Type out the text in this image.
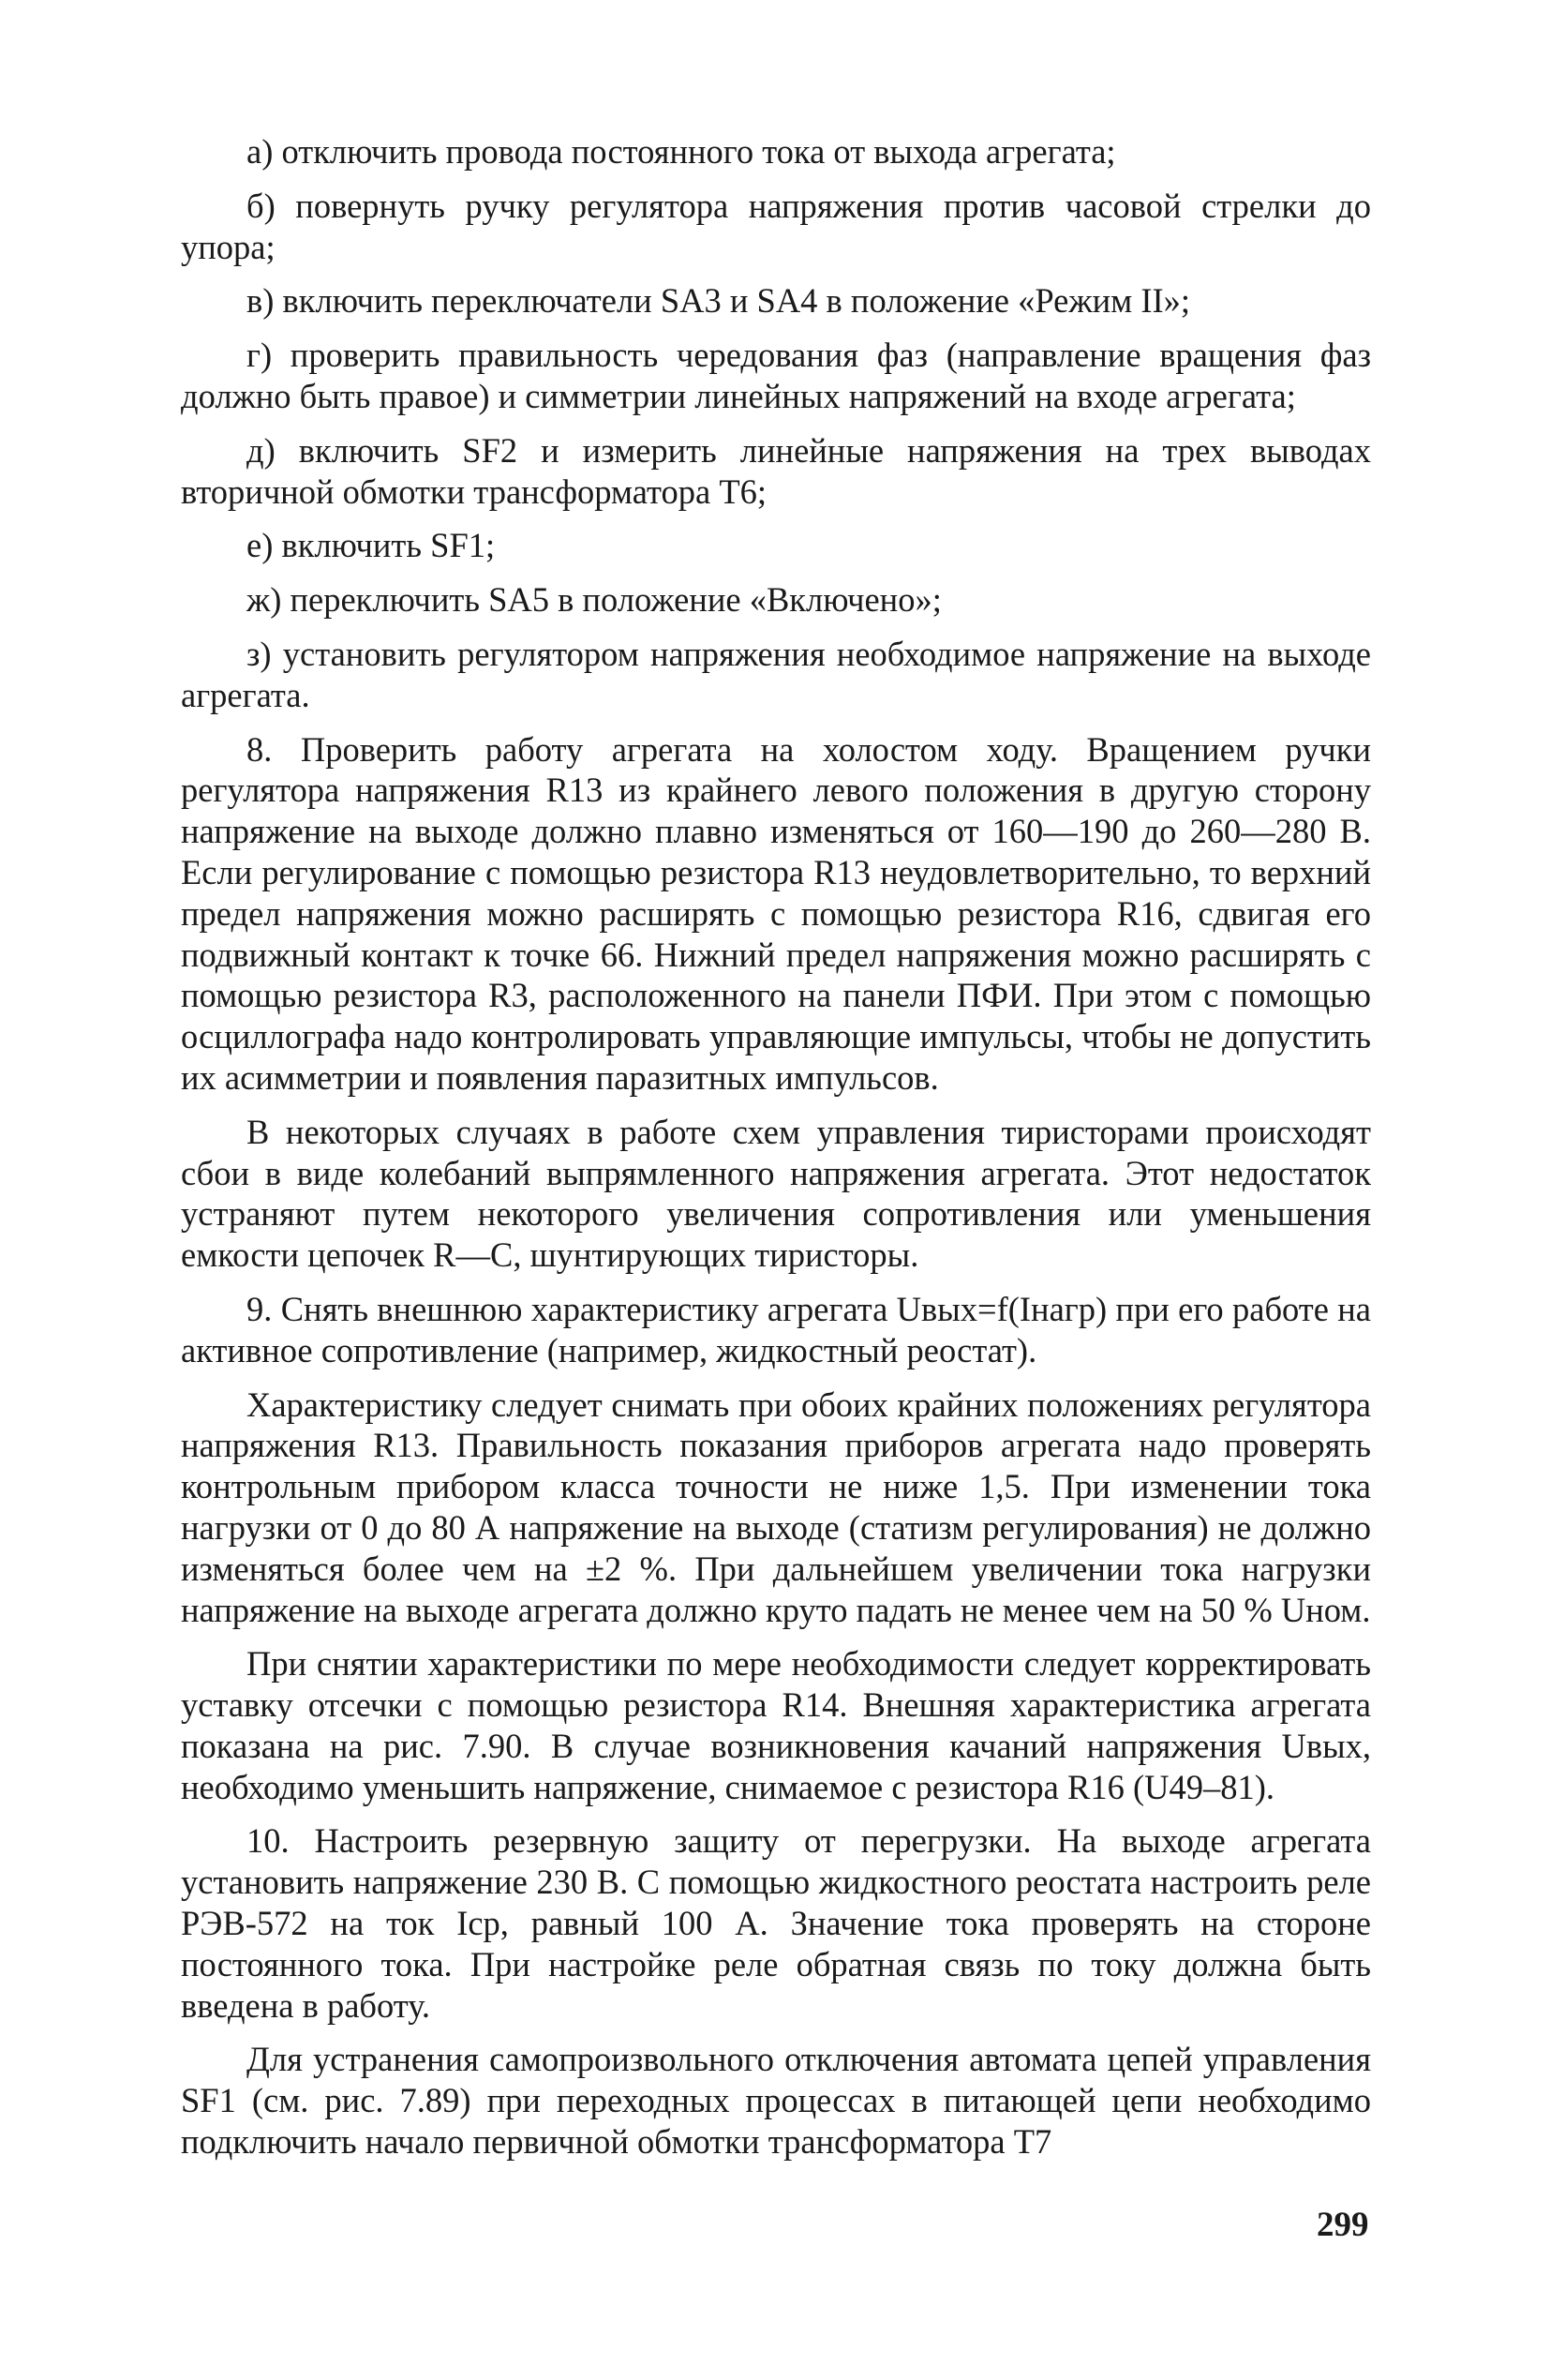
а) отключить провода постоянного тока от выхода агрегата;

б) повернуть ручку регулятора напряжения против часовой стрелки до упора;

в) включить переключатели SA3 и SA4 в положение «Режим II»;

г) проверить правильность чередования фаз (направление вращения фаз должно быть правое) и симметрии линейных напряжений на входе агрегата;

д) включить SF2 и измерить линейные напряжения на трех выводах вторичной обмотки трансформатора T6;

е) включить SF1;

ж) переключить SA5 в положение «Включено»;

з) установить регулятором напряжения необходимое напряжение на выходе агрегата.

8. Проверить работу агрегата на холостом ходу. Вращением ручки регулятора напряжения R13 из крайнего левого положения в другую сторону напряжение на выходе должно плавно изменяться от 160—190 до 260—280 В. Если регулирование с помощью резистора R13 неудовлетворительно, то верхний предел напряжения можно расширять с помощью резистора R16, сдвигая его подвижный контакт к точке 66. Нижний предел напряжения можно расширять с помощью резистора R3, расположенного на панели ПФИ. При этом с помощью осциллографа надо контролировать управляющие импульсы, чтобы не допустить их асимметрии и появления паразитных импульсов.

В некоторых случаях в работе схем управления тиристорами происходят сбои в виде колебаний выпрямленного напряжения агрегата. Этот недостаток устраняют путем некоторого увеличения сопротивления или уменьшения емкости цепочек R—C, шунтирующих тиристоры.

9. Снять внешнюю характеристику агрегата Uвых=f(Iнагр) при его работе на активное сопротивление (например, жидкостный реостат).

Характеристику следует снимать при обоих крайних положениях регулятора напряжения R13. Правильность показания приборов агрегата надо проверять контрольным прибором класса точности не ниже 1,5. При изменении тока нагрузки от 0 до 80 А напряжение на выходе (статизм регулирования) не должно изменяться более чем на ±2 %. При дальнейшем увеличении тока нагрузки напряжение на выходе агрегата должно круто падать не менее чем на 50 % Uном.

При снятии характеристики по мере необходимости следует корректировать уставку отсечки с помощью резистора R14. Внешняя характеристика агрегата показана на рис. 7.90. В случае возникновения качаний напряжения Uвых, необходимо уменьшить напряжение, снимаемое с резистора R16 (U49–81).

10. Настроить резервную защиту от перегрузки. На выходе агрегата установить напряжение 230 В. С помощью жидкостного реостата настроить реле РЭВ-572 на ток Iср, равный 100 А. Значение тока проверять на стороне постоянного тока. При настройке реле обратная связь по току должна быть введена в работу.

Для устранения самопроизвольного отключения автомата цепей управления SF1 (см. рис. 7.89) при переходных процессах в питающей цепи необходимо подключить начало первичной обмотки трансформатора T7

299
